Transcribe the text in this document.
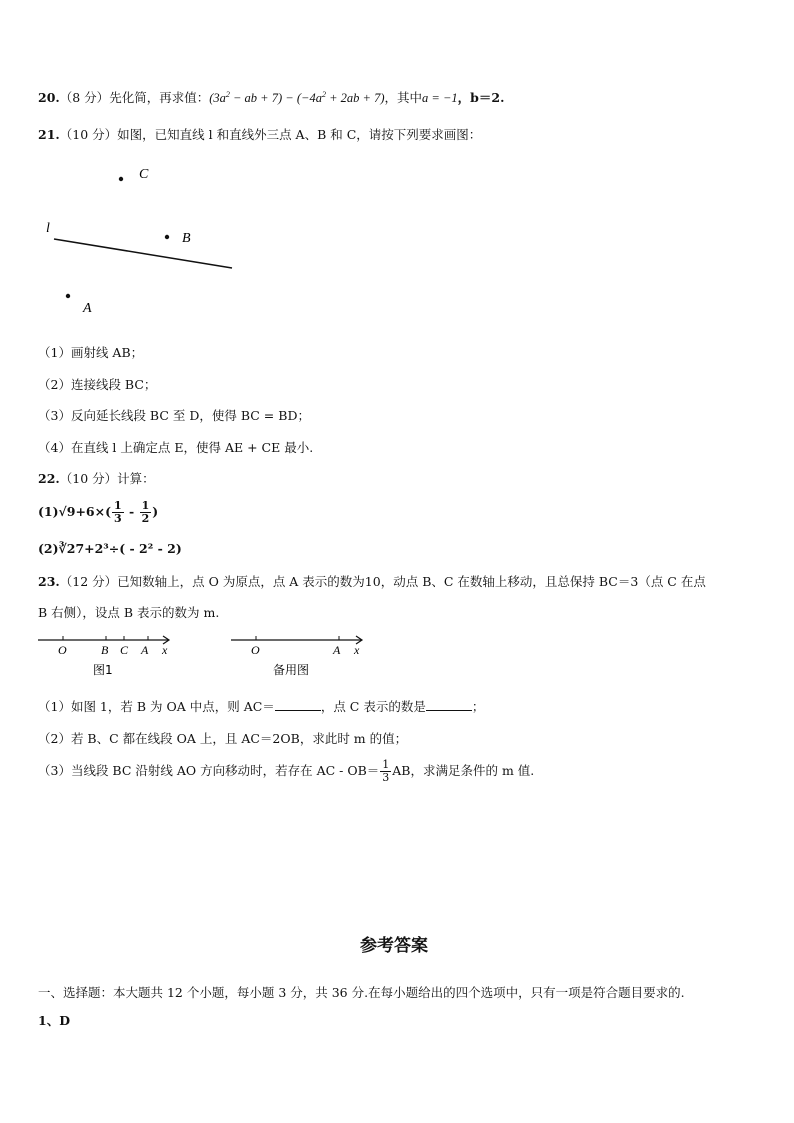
20.（8 分）先化简，再求值：($3a^2$ − ab + $7) - (-4a^2 + 2ab + 7)$，其中a = −1，b＝2.
21.（10 分）如图，已知直线 l 和直线外三点 A、B 和 C，请按下列要求画图：
C
l
B
A
（1）画射线 AB；
（2）连接线段 BC；
（3）反向延长线段 BC 至 D，使得 BC = BD；
（4）在直线 l 上确定点 E，使得 AE + CE 最小.
22.（10 分）计算：
$(1)√9+6\times( \frac{1}{3} - \frac{1}{2}$ )
(2)∛27+2³÷( - 2² - 2)
23.（12 分）已知数轴上，点 O 为原点，点 A 表示的数为10，动点 B、C 在数轴上移动，且总保持 BC＝3（点 C 在点
B 右侧），设点 B 表示的数为 m.
O	B C A x
图1
O	A x
备用图
（1）如图 1，若 B 为 OA 中点，则 AC＝	，点 C 表示的数是	；
（2）若 B、C 都在线段 OA 上，且 AC＝2OB，求此时 m 的值；
（3）当线段 BC 沿射线 AO 方向移动时，若存在 AC - $OB= \frac{1}{3}$ AB，求满足条件的 m 值.
参考答案
一、选择题：本大题共 12 个小题，每小题 3 分，共 36 分.在每小题给出的四个选项中，只有一项是符合题目要求的.
1、D
